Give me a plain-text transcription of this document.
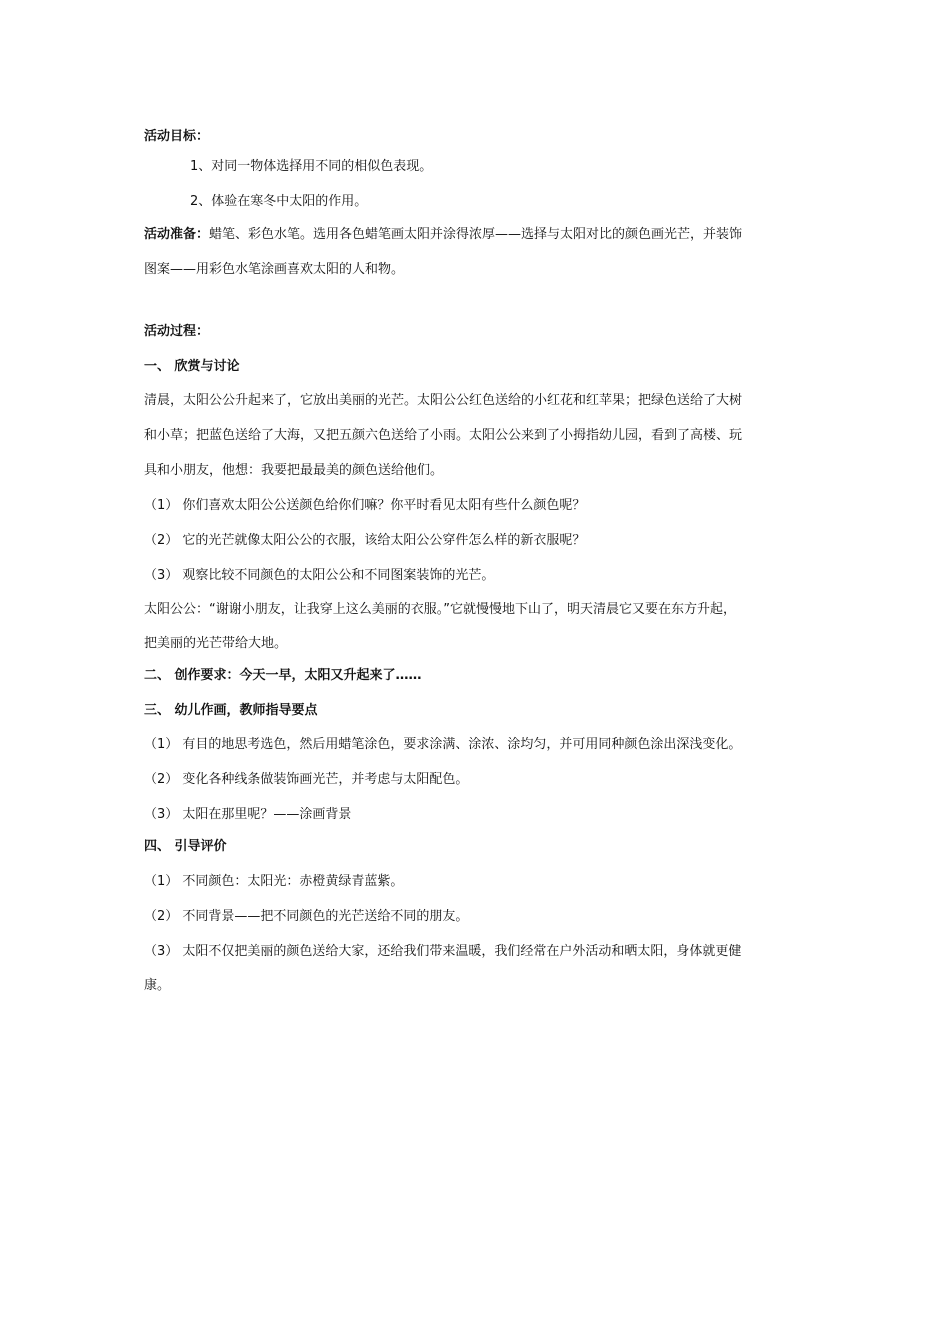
活动目标：
1、对同一物体选择用不同的相似色表现。
2、体验在寒冬中太阳的作用。
活动准备：蜡笔、彩色水笔。选用各色蜡笔画太阳并涂得浓厚——选择与太阳对比的颜色画光芒，并装饰
图案——用彩色水笔涂画喜欢太阳的人和物。
活动过程：
一、 欣赏与讨论
清晨，太阳公公升起来了，它放出美丽的光芒。太阳公公红色送给的小红花和红苹果；把绿色送给了大树
和小草；把蓝色送给了大海，又把五颜六色送给了小雨。太阳公公来到了小拇指幼儿园，看到了高楼、玩
具和小朋友，他想：我要把最最美的颜色送给他们。
（1） 你们喜欢太阳公公送颜色给你们嘛？你平时看见太阳有些什么颜色呢？
（2） 它的光芒就像太阳公公的衣服，该给太阳公公穿件怎么样的新衣服呢？
（3） 观察比较不同颜色的太阳公公和不同图案装饰的光芒。
太阳公公：“谢谢小朋友，让我穿上这么美丽的衣服。”它就慢慢地下山了，明天清晨它又要在东方升起，
把美丽的光芒带给大地。
二、 创作要求：今天一早，太阳又升起来了……
三、 幼儿作画，教师指导要点
（1） 有目的地思考选色，然后用蜡笔涂色，要求涂满、涂浓、涂均匀，并可用同种颜色涂出深浅变化。
（2） 变化各种线条做装饰画光芒，并考虑与太阳配色。
（3） 太阳在那里呢？——涂画背景
四、 引导评价
（1） 不同颜色：太阳光：赤橙黄绿青蓝紫。
（2） 不同背景——把不同颜色的光芒送给不同的朋友。
（3） 太阳不仅把美丽的颜色送给大家，还给我们带来温暖，我们经常在户外活动和晒太阳，身体就更健
康。
